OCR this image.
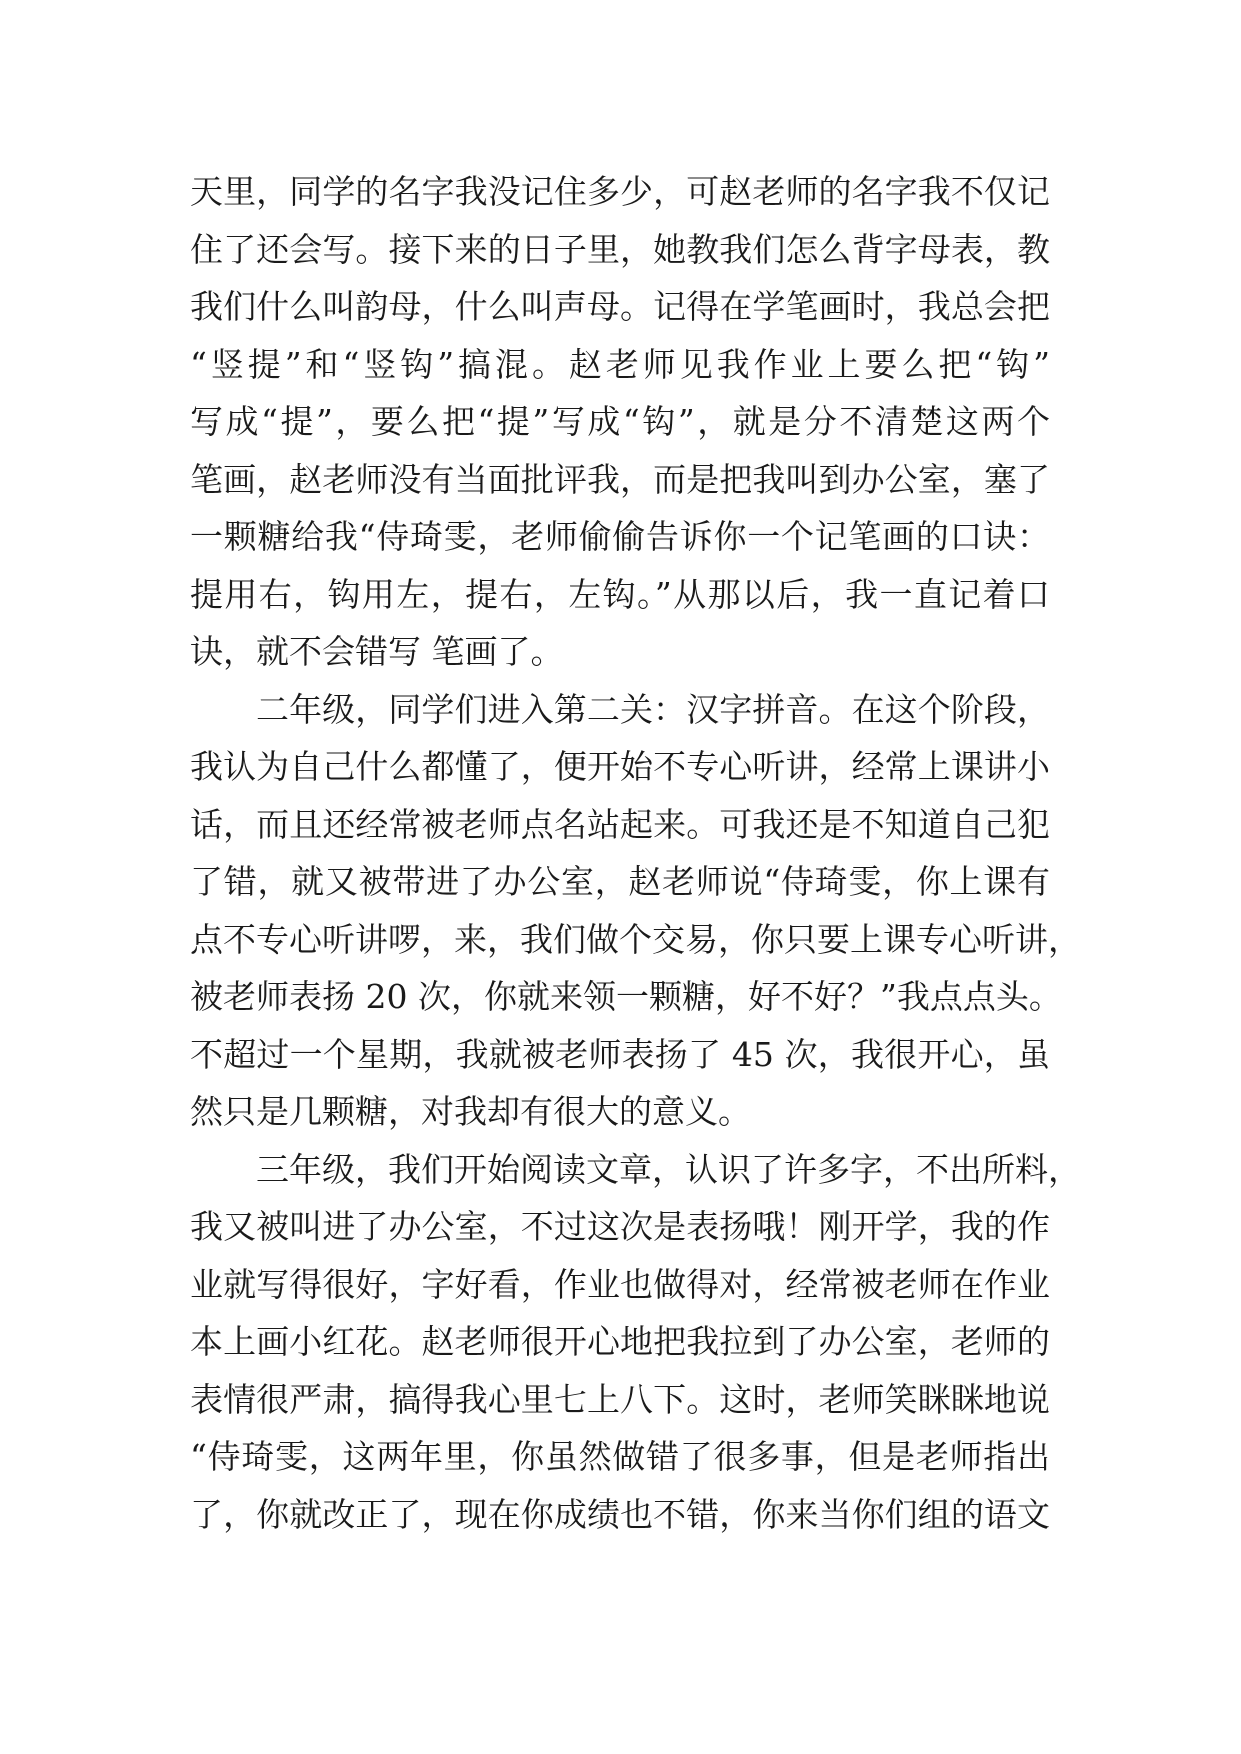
天里，同学的名字我没记住多少，可赵老师的名字我不仅记
住了还会写。接下来的日子里，她教我们怎么背字母表，教
我们什么叫韵母，什么叫声母。记得在学笔画时，我总会把
“竖提”和“竖钩”搞混。赵老师见我作业上要么把“钩”
写成“提”，要么把“提”写成“钩”，就是分不清楚这两个
笔画，赵老师没有当面批评我，而是把我叫到办公室，塞了
一颗糖给我“侍琦雯，老师偷偷告诉你一个记笔画的口诀：
提用右，钩用左，提右，左钩。”从那以后，我一直记着口
诀，就不会错写 笔画了。
二年级，同学们进入第二关：汉字拼音。在这个阶段，
我认为自己什么都懂了，便开始不专心听讲，经常上课讲小
话，而且还经常被老师点名站起来。可我还是不知道自己犯
了错，就又被带进了办公室，赵老师说“侍琦雯，你上课有
点不专心听讲啰，来，我们做个交易，你只要上课专心听讲，
被老师表扬 20 次，你就来领一颗糖，好不好？”我点点头。
不超过一个星期，我就被老师表扬了 45 次，我很开心，虽
然只是几颗糖，对我却有很大的意义。
三年级，我们开始阅读文章，认识了许多字，不出所料，
我又被叫进了办公室，不过这次是表扬哦！刚开学，我的作
业就写得很好，字好看，作业也做得对，经常被老师在作业
本上画小红花。赵老师很开心地把我拉到了办公室，老师的
表情很严肃，搞得我心里七上八下。这时，老师笑眯眯地说
“侍琦雯，这两年里，你虽然做错了很多事，但是老师指出
了，你就改正了，现在你成绩也不错，你来当你们组的语文
